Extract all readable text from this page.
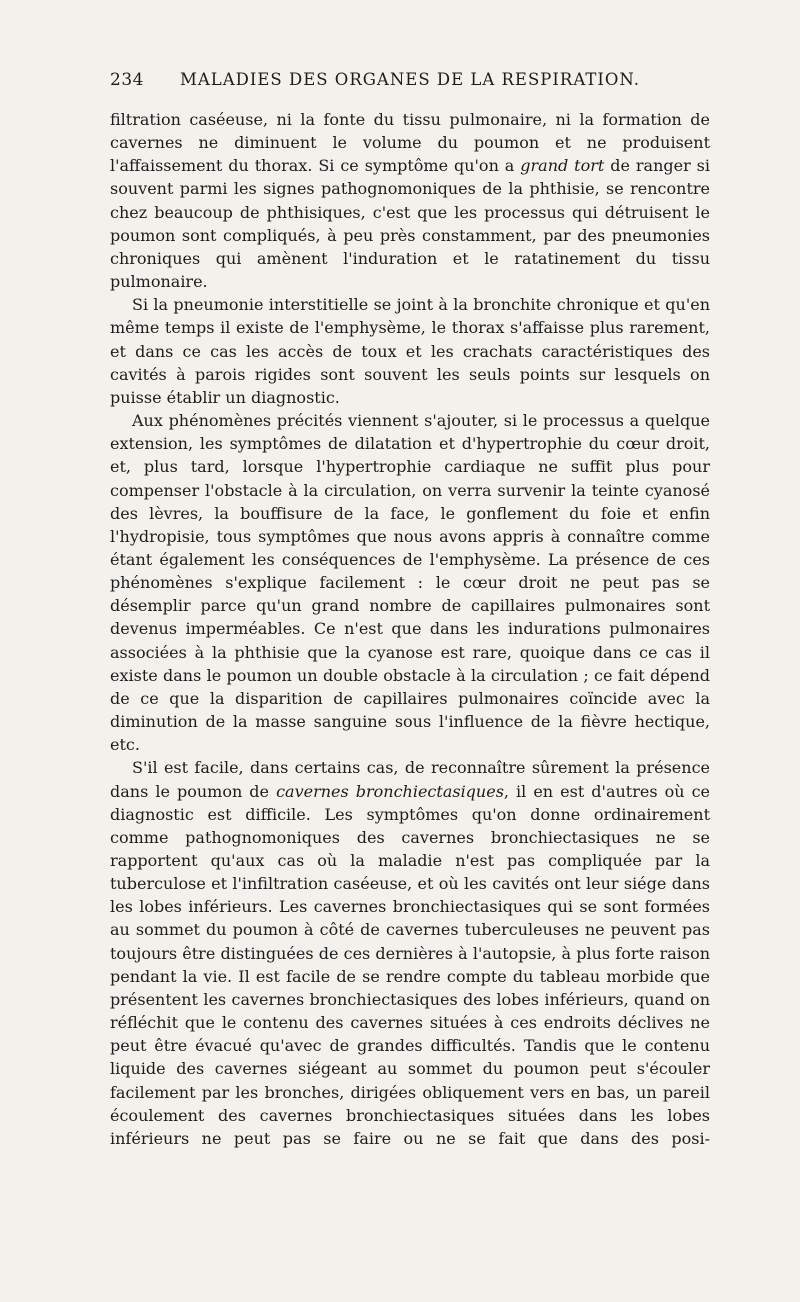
234	MALADIES DES ORGANES DE LA RESPIRATION.

filtration caséeuse, ni la fonte du tissu pulmonaire, ni la formation de cavernes ne diminuent le volume du poumon et ne produisent l'affaissement du thorax. Si ce symptôme qu'on a grand tort de ranger si souvent parmi les signes pathognomoniques de la phthisie, se rencontre chez beaucoup de phthisiques, c'est que les processus qui détruisent le poumon sont compliqués, à peu près constamment, par des pneumonies chroniques qui amènent l'induration et le ratatinement du tissu pulmonaire.

Si la pneumonie interstitielle se joint à la bronchite chronique et qu'en même temps il existe de l'emphysème, le thorax s'affaisse plus rarement, et dans ce cas les accès de toux et les crachats caractéristiques des cavités à parois rigides sont souvent les seuls points sur lesquels on puisse établir un diagnostic.

Aux phénomènes précités viennent s'ajouter, si le processus a quelque extension, les symptômes de dilatation et d'hypertrophie du cœur droit, et, plus tard, lorsque l'hypertrophie cardiaque ne suffit plus pour compenser l'obstacle à la circulation, on verra survenir la teinte cyanosé des lèvres, la bouffisure de la face, le gonflement du foie et enfin l'hydropisie, tous symptômes que nous avons appris à connaître comme étant également les conséquences de l'emphysème. La présence de ces phénomènes s'explique facilement : le cœur droit ne peut pas se désemplir parce qu'un grand nombre de capillaires pulmonaires sont devenus imperméables. Ce n'est que dans les indurations pulmonaires associées à la phthisie que la cyanose est rare, quoique dans ce cas il existe dans le poumon un double obstacle à la circulation ; ce fait dépend de ce que la disparition de capillaires pulmonaires coïncide avec la diminution de la masse sanguine sous l'influence de la fièvre hectique, etc.

S'il est facile, dans certains cas, de reconnaître sûrement la présence dans le poumon de cavernes bronchiectasiques, il en est d'autres où ce diagnostic est difficile. Les symptômes qu'on donne ordinairement comme pathognomoniques des cavernes bronchiectasiques ne se rapportent qu'aux cas où la maladie n'est pas compliquée par la tuberculose et l'infiltration caséeuse, et où les cavités ont leur siége dans les lobes inférieurs. Les cavernes bronchiectasiques qui se sont formées au sommet du poumon à côté de cavernes tuberculeuses ne peuvent pas toujours être distinguées de ces dernières à l'autopsie, à plus forte raison pendant la vie. Il est facile de se rendre compte du tableau morbide que présentent les cavernes bronchiectasiques des lobes inférieurs, quand on réfléchit que le contenu des cavernes situées à ces endroits déclives ne peut être évacué qu'avec de grandes difficultés. Tandis que le contenu liquide des cavernes siégeant au sommet du poumon peut s'écouler facilement par les bronches, dirigées obliquement vers en bas, un pareil écoulement des cavernes bronchiectasiques situées dans les lobes inférieurs ne peut pas se faire ou ne se fait que dans des posi-
